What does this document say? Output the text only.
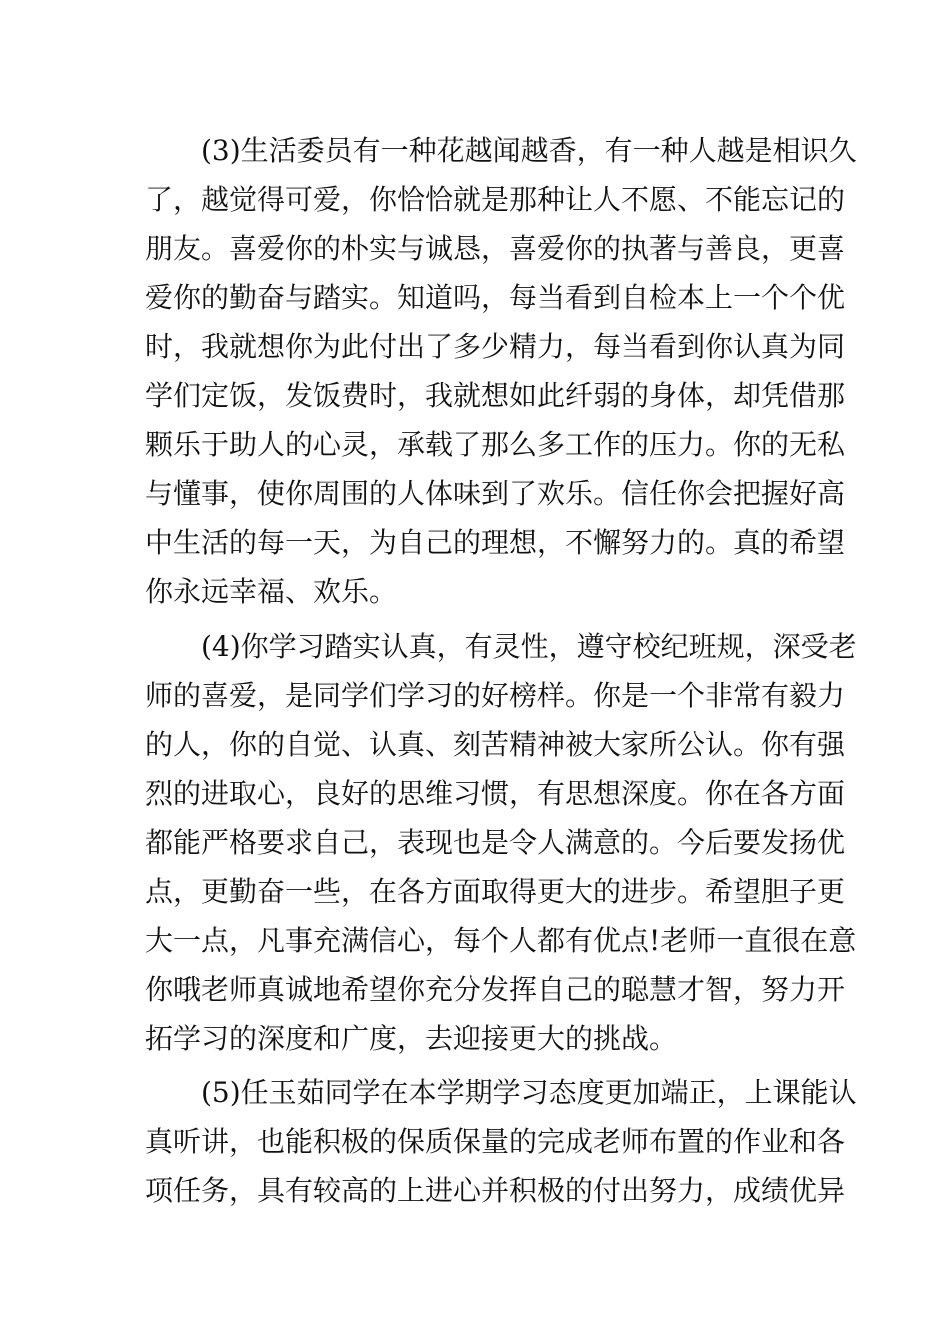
(3)生活委员有一种花越闻越香，有一种人越是相识久

了，越觉得可爱，你恰恰就是那种让人不愿、不能忘记的

朋友。喜爱你的朴实与诚恳，喜爱你的执著与善良，更喜

爱你的勤奋与踏实。知道吗，每当看到自检本上一个个优

时，我就想你为此付出了多少精力，每当看到你认真为同

学们定饭，发饭费时，我就想如此纤弱的身体，却凭借那

颗乐于助人的心灵，承载了那么多工作的压力。你的无私

与懂事，使你周围的人体味到了欢乐。信任你会把握好高

中生活的每一天，为自己的理想，不懈努力的。真的希望

你永远幸福、欢乐。

(4)你学习踏实认真，有灵性，遵守校纪班规，深受老

师的喜爱，是同学们学习的好榜样。你是一个非常有毅力

的人，你的自觉、认真、刻苦精神被大家所公认。你有强

烈的进取心，良好的思维习惯，有思想深度。你在各方面

都能严格要求自己，表现也是令人满意的。今后要发扬优

点，更勤奋一些，在各方面取得更大的进步。希望胆子更

大一点，凡事充满信心，每个人都有优点!老师一直很在意

你哦老师真诚地希望你充分发挥自己的聪慧才智，努力开

拓学习的深度和广度，去迎接更大的挑战。

(5)任玉茹同学在本学期学习态度更加端正，上课能认

真听讲，也能积极的保质保量的完成老师布置的作业和各

项任务，具有较高的上进心并积极的付出努力，成绩优异
